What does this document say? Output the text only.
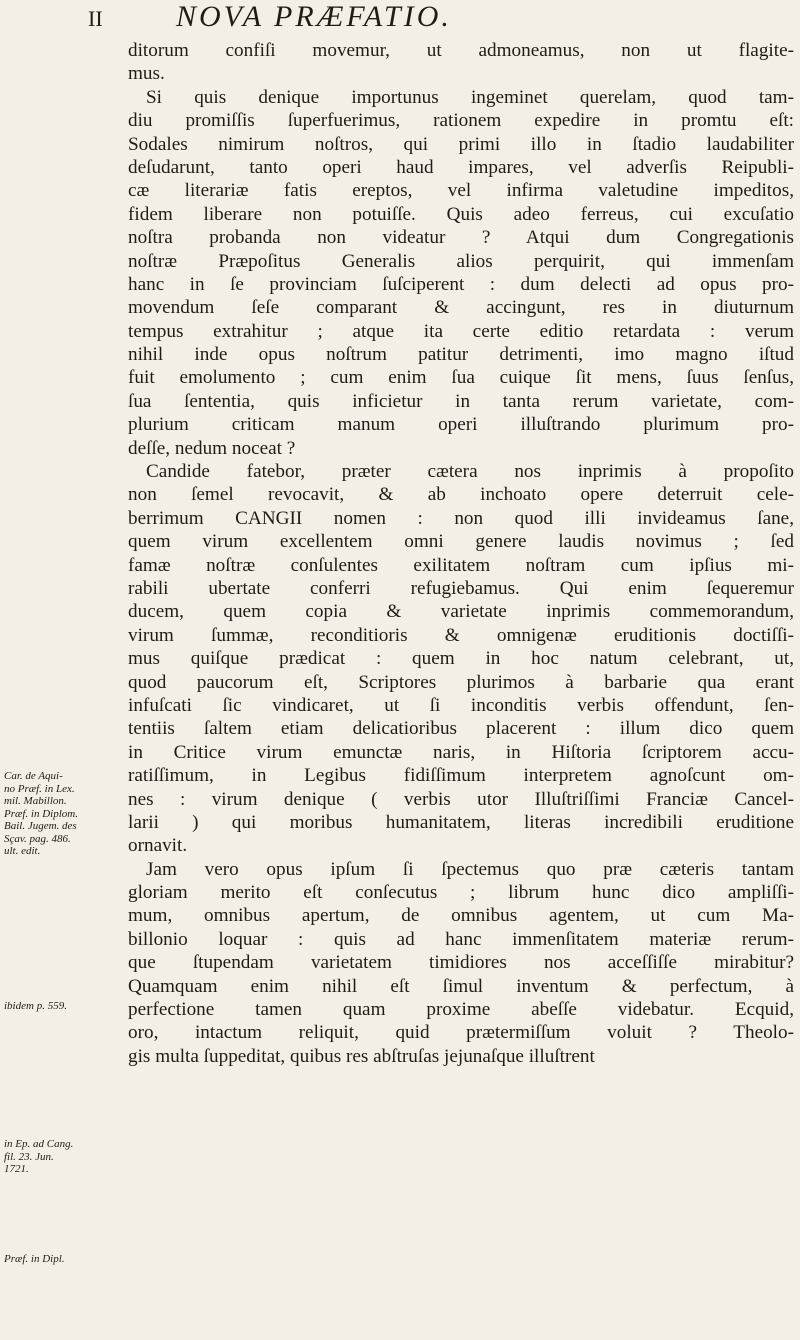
II NOVA PRÆFATIO.

ditorum confiſi movemur, ut admoneamus, non ut flagite-
mus.

Si quis denique importunus ingeminet querelam, quod tam-
diu promiſſis ſuperfuerimus, rationem expedire in promtu eſt:
Sodales nimirum noſtros, qui primi illo in ſtadio laudabiliter
deſudarunt, tanto operi haud impares, vel adverſis Reipubli-
cæ literariæ fatis ereptos, vel infirma valetudine impeditos,
fidem liberare non potuiſſe. Quis adeo ferreus, cui excuſatio
noſtra probanda non videatur ? Atqui dum Congregationis
noſtræ Præpoſitus Generalis alios perquirit, qui immenſam
hanc in ſe provinciam ſuſciperent : dum delecti ad opus pro-
movendum ſeſe comparant & accingunt, res in diuturnum
tempus extrahitur ; atque ita certe editio retardata : verum
nihil inde opus noſtrum patitur detrimenti, imo magno iſtud
fuit emolumento ; cum enim ſua cuique ſit mens, ſuus ſenſus,
ſua ſententia, quis inficietur in tanta rerum varietate, com-
plurium criticam manum operi illuſtrando plurimum pro-
deſſe, nedum noceat ?

Candide fatebor, præter cætera nos inprimis à propoſito
non ſemel revocavit, & ab inchoato opere deterruit cele-
berrimum CANGII nomen : non quod illi invideamus ſane,
quem virum excellentem omni genere laudis novimus ; ſed
famæ noſtræ conſulentes exilitatem noſtram cum ipſius mi-
rabili ubertate conferri refugiebamus. Qui enim ſequeremur
ducem, quem copia & varietate inprimis commemorandum,
virum ſummæ, reconditioris & omnigenæ eruditionis doctiſſi-
mus quiſque prædicat : quem in hoc natum celebrant, ut,
quod paucorum eſt, Scriptores plurimos à barbarie qua erant
infuſcati ſic vindicaret, ut ſi inconditis verbis offendunt, ſen-
tentiis ſaltem etiam delicatioribus placerent : illum dico quem
in Critice virum emunctæ naris, in Hiſtoria ſcriptorem accu-
ratiſſimum, in Legibus fidiſſimum interpretem agnoſcunt om-
nes : virum denique ( verbis utor Illuſtriſſimi Franciæ Cancel-
larii ) qui moribus humanitatem, literas incredibili eruditione
ornavit.

Jam vero opus ipſum ſi ſpectemus quo præ cæteris tantam
gloriam merito eſt conſecutus ; librum hunc dico ampliſſi-
mum, omnibus apertum, de omnibus agentem, ut cum Ma-
billonio loquar : quis ad hanc immenſitatem materiæ rerum-
que ſtupendam varietatem timidiores nos acceſſiſſe mirabitur?
Quamquam enim nihil eſt ſimul inventum & perfectum, à
perfectione tamen quam proxime abeſſe videbatur. Ecquid,
oro, intactum reliquit, quid prætermiſſum voluit ? Theolo-
gis multa ſuppeditat, quibus res abſtruſas jejunaſque illuſtrent

Car. de Aqui-
no Præf. in Lex.
mil. Mabillon.
Præf. in Diplom.
Bail. Jugem. des
Sçav. pag. 486.
ult. edit.
ibidem p. 559.
in Ep. ad Cang.
fil. 23. Jun.
1721.
Præf. in Dipl.
